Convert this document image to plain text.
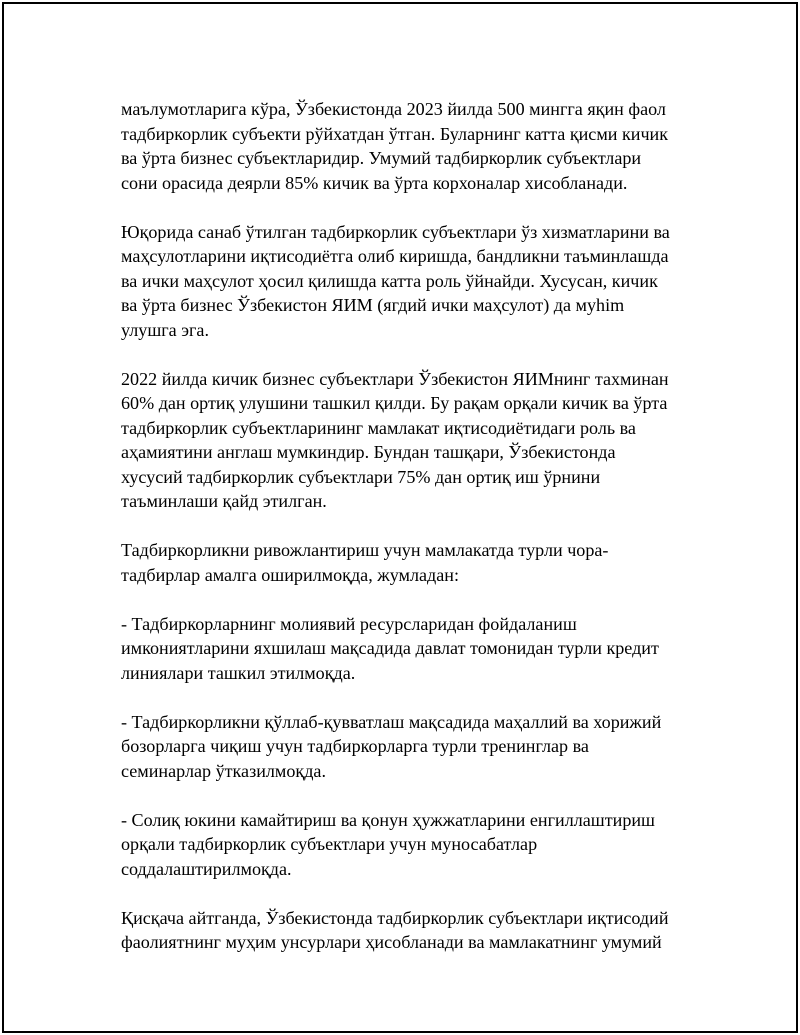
маълумотларига кўра, Ўзбекистонда 2023 йилда 500 мингга яқин фаол
тадбиркорлик субъекти рўйхатдан ўтган. Буларнинг катта қисми кичик
ва ўрта бизнес субъектларидир. Умумий тадбиркорлик субъектлари
сони орасида деярли 85% кичик ва ўрта корхоналар хисобланади.

Юқорида санаб ўтилган тадбиркорлик субъектлари ўз хизматларини ва
маҳсулотларини иқтисодиётга олиб киришда, бандликни таъминлашда
ва ички маҳсулот ҳосил қилишда катта роль ўйнайди. Хусусан, кичик
ва ўрта бизнес Ўзбекистон ЯИМ (ягдий ички маҳсулот) да муhim
улушга эга.

2022 йилда кичик бизнес субъектлари Ўзбекистон ЯИМнинг тахминан
60% дан ортиқ улушини ташкил қилди. Бу рақам орқали кичик ва ўрта
тадбиркорлик субъектларининг мамлакат иқтисодиётидаги роль ва
аҳамиятини англаш мумкиндир. Бундан ташқари, Ўзбекистонда
хусусий тадбиркорлик субъектлари 75% дан ортиқ иш ўрнини
таъминлаши қайд этилган.

Тадбиркорликни ривожлантириш учун мамлакатда турли чора-
тадбирлар амалга оширилмоқда, жумладан:

- Тадбиркорларнинг молиявий ресурсларидан фойдаланиш
имкониятларини яхшилаш мақсадида давлат томонидан турли кредит
линиялари ташкил этилмоқда.

- Тадбиркорликни қўллаб-қувватлаш мақсадида маҳаллий ва хорижий
бозорларга чиқиш учун тадбиркорларга турли тренинглар ва
семинарлар ўтказилмоқда.

- Солиқ юкини камайтириш ва қонун ҳужжатларини енгиллаштириш
орқали тадбиркорлик субъектлари учун муносабатлар
соддалаштирилмоқда.

Қисқача айтганда, Ўзбекистонда тадбиркорлик субъектлари иқтисодий
фаолиятнинг муҳим унсурлари ҳисобланади ва мамлакатнинг умумий
